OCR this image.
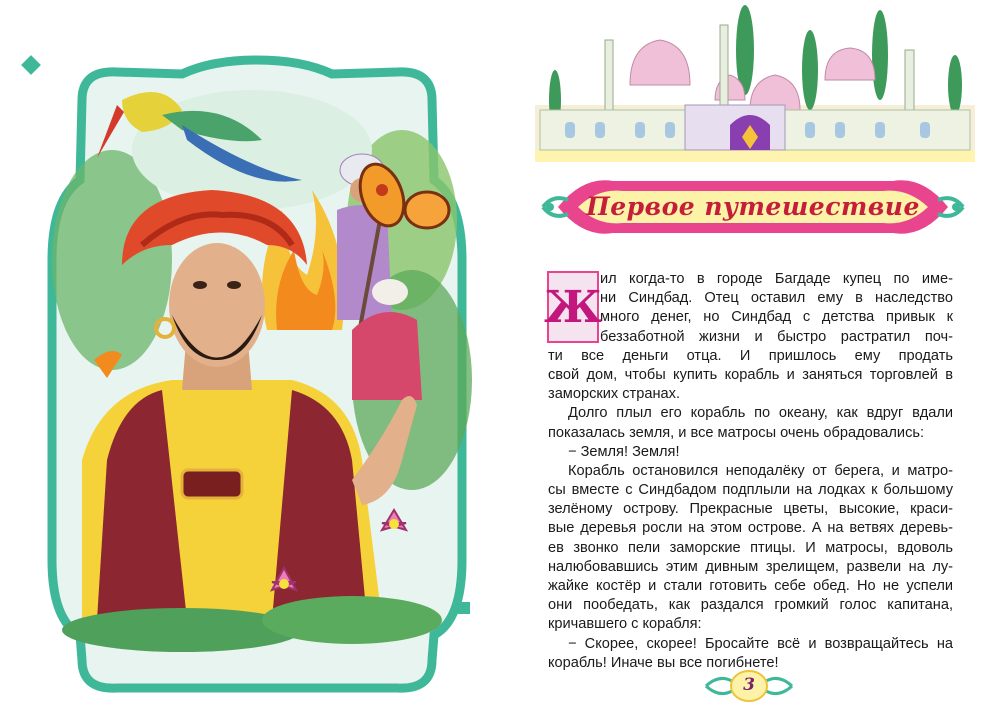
Первое путешествие
Ж
ил когда-то в городе Багдаде купец по име-
ни Синдбад. Отец оставил ему в наследство
много денег, но Синдбад с детства привык к
беззаботной жизни и быстро растратил поч-
ти все деньги отца. И пришлось ему продать
свой дом, чтобы купить корабль и заняться торговлей в
заморских странах.
Долго плыл его корабль по океану, как вдруг вдали
показалась земля, и все матросы очень обрадовались:
− Земля! Земля!
Корабль остановился неподалёку от берега, и матро-
сы вместе с Синдбадом подплыли на лодках к большому
зелёному острову. Прекрасные цветы, высокие, краси-
вые деревья росли на этом острове. А на ветвях деревь-
ев звонко пели заморские птицы. И матросы, вдоволь
налюбовавшись этим дивным зрелищем, развели на лу-
жайке костёр и стали готовить себе обед. Но не успели
они пообедать, как раздался громкий голос капитана,
кричавшего с корабля:
− Скорее, скорее! Бросайте всё и возвращайтесь на
корабль! Иначе вы все погибнете!
3
